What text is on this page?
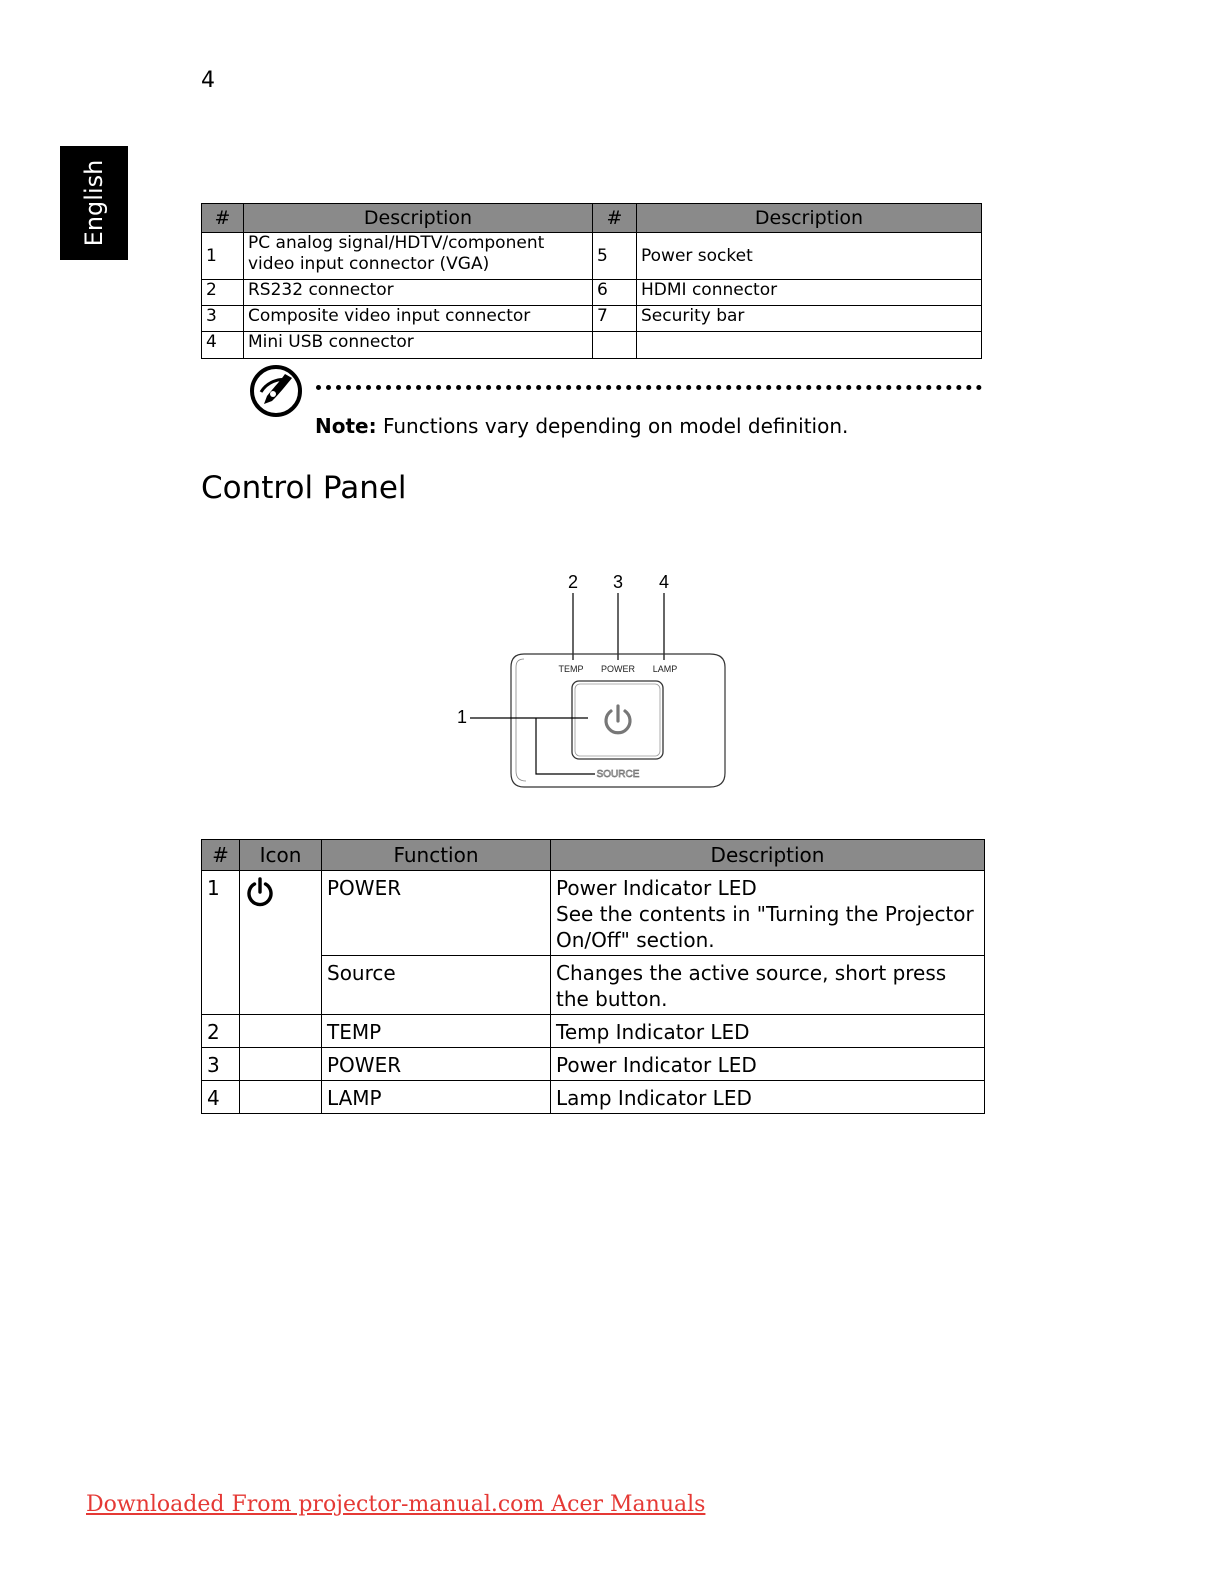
4
English	#	Description	#	Description
1	PC analog signal/HDTV/component video input connector (VGA)	5	Power socket
2	RS232 connector	6	HDMI connector
3	Composite video input connector	7	Security bar
4	Mini USB connector		
Note: Functions vary depending on model definition.
Control Panel
2 3 4
1
TEMP POWER LAMP
SOURCE
#	Icon	Function	Description
1		POWER	Power Indicator LED
See the contents in "Turning the Projector On/Off" section.

		Source	Changes the active source, short press the button.
2		TEMP	Temp Indicator LED
3		POWER	Power Indicator LED
4		LAMP	Lamp Indicator LED
Downloaded From projector-manual.com Acer Manuals
